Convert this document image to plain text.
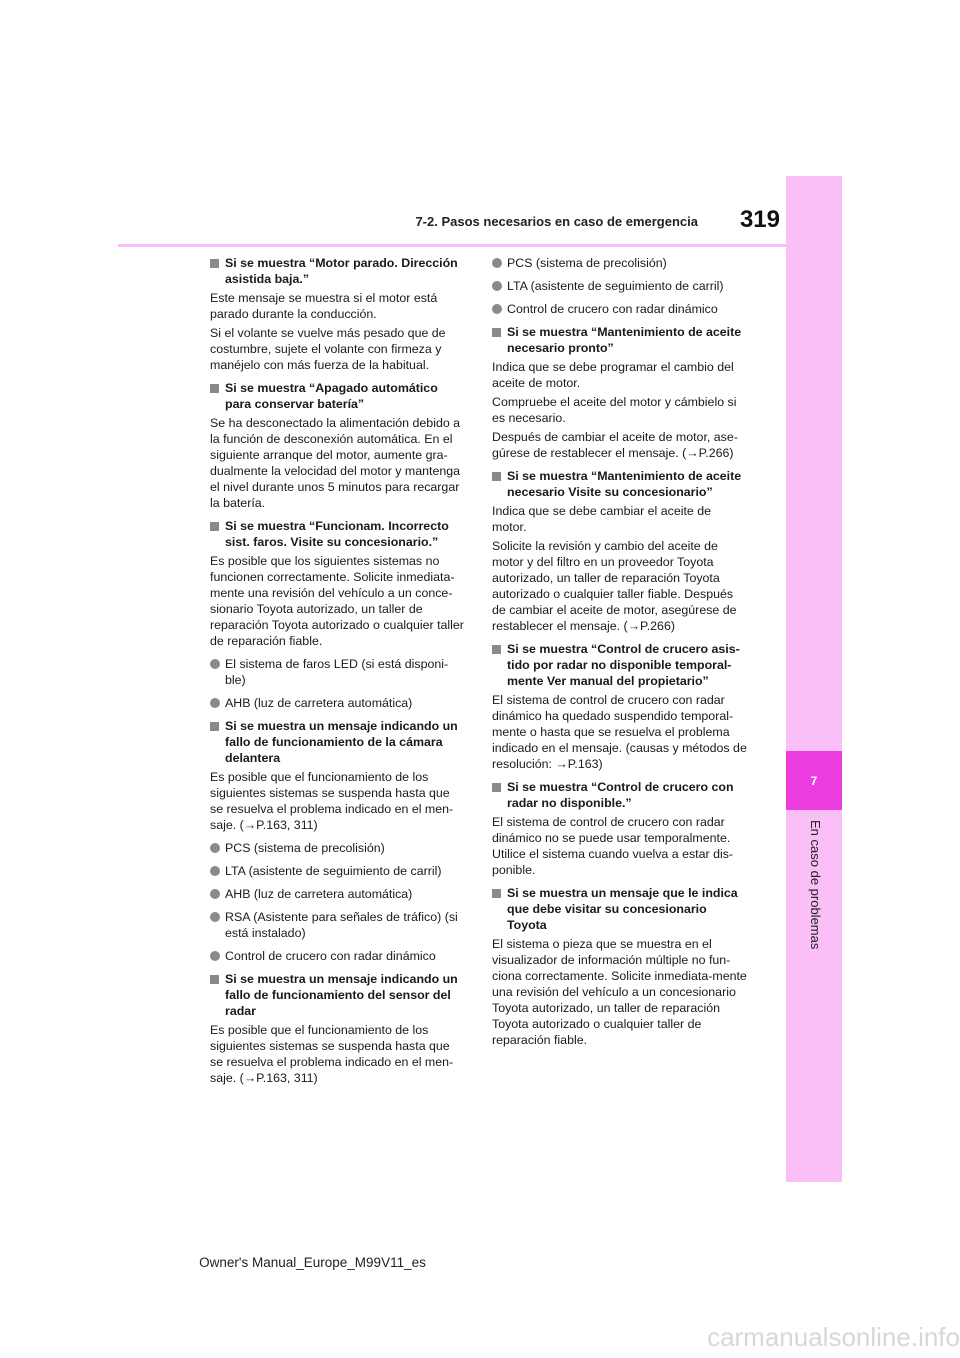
7
En caso de problemas
7-2. Pasos necesarios en caso de emergencia	319
Si se muestra “Motor parado. Dirección asistida baja.”
Este mensaje se muestra si el motor está parado durante la conducción.
Si el volante se vuelve más pesado que de costumbre, sujete el volante con firmeza y manéjelo con más fuerza de la habitual.
Si se muestra “Apagado automático para conservar batería”
Se ha desconectado la alimentación debido a la función de desconexión automática. En el siguiente arranque del motor, aumente gra-dualmente la velocidad del motor y mantenga el nivel durante unos 5 minutos para recargar la batería.
Si se muestra “Funcionam. Incorrecto sist. faros. Visite su concesionario.”
Es posible que los siguientes sistemas no funcionen correctamente. Solicite inmediata-mente una revisión del vehículo a un conce-sionario Toyota autorizado, un taller de reparación Toyota autorizado o cualquier taller de reparación fiable.
El sistema de faros LED (si está disponi-ble)
AHB (luz de carretera automática)
Si se muestra un mensaje indicando un fallo de funcionamiento de la cámara delantera
Es posible que el funcionamiento de los siguientes sistemas se suspenda hasta que se resuelva el problema indicado en el men-saje. (→P.163, 311)
PCS (sistema de precolisión)
LTA (asistente de seguimiento de carril)
AHB (luz de carretera automática)
RSA (Asistente para señales de tráfico) (si está instalado)
Control de crucero con radar dinámico
Si se muestra un mensaje indicando un fallo de funcionamiento del sensor del radar
Es posible que el funcionamiento de los siguientes sistemas se suspenda hasta que se resuelva el problema indicado en el men-saje. (→P.163, 311)
PCS (sistema de precolisión)
LTA (asistente de seguimiento de carril)
Control de crucero con radar dinámico
Si se muestra “Mantenimiento de aceite necesario pronto”
Indica que se debe programar el cambio del aceite de motor.
Compruebe el aceite del motor y cámbielo si es necesario.
Después de cambiar el aceite de motor, ase-gúrese de restablecer el mensaje. (→P.266)
Si se muestra “Mantenimiento de aceite necesario Visite su concesionario”
Indica que se debe cambiar el aceite de motor.
Solicite la revisión y cambio del aceite de motor y del filtro en un proveedor Toyota autorizado, un taller de reparación Toyota autorizado o cualquier taller fiable. Después de cambiar el aceite de motor, asegúrese de restablecer el mensaje. (→P.266)
Si se muestra “Control de crucero asis-tido por radar no disponible temporal-mente Ver manual del propietario”
El sistema de control de crucero con radar dinámico ha quedado suspendido temporal-mente o hasta que se resuelva el problema indicado en el mensaje. (causas y métodos de resolución: →P.163)
Si se muestra “Control de crucero con radar no disponible.”
El sistema de control de crucero con radar dinámico no se puede usar temporalmente. Utilice el sistema cuando vuelva a estar dis-ponible.
Si se muestra un mensaje que le indica que debe visitar su concesionario Toyota
El sistema o pieza que se muestra en el visualizador de información múltiple no fun-ciona correctamente. Solicite inmediata-mente una revisión del vehículo a un concesionario Toyota autorizado, un taller de reparación Toyota autorizado o cualquier taller de reparación fiable.
Owner's Manual_Europe_M99V11_es
carmanualsonline.info
